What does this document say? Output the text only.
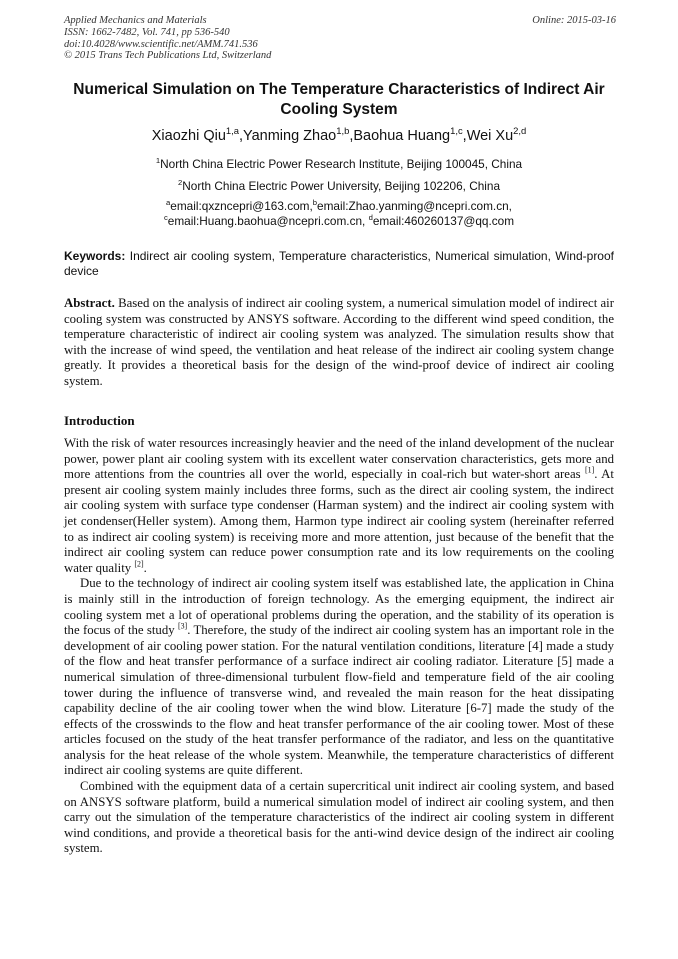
Applied Mechanics and Materials
ISSN: 1662-7482, Vol. 741, pp 536-540
doi:10.4028/www.scientific.net/AMM.741.536
© 2015 Trans Tech Publications Ltd, Switzerland
Online: 2015-03-16
Numerical Simulation on The Temperature Characteristics of Indirect Air Cooling System
Xiaozhi Qiu$^{1,a}$,Yanming Zhao$^{1,b}$,Baohua Huang$^{1,c}$,Wei Xu$^{2,d}$
$^1$North China Electric Power Research Institute, Beijing 100045, China
$^2$North China Electric Power University, Beijing 102206, China
$^a$email:qxzncepri@163.com,$^b$email:Zhao.yanming@ncepri.com.cn,
$^c$email:Huang.baohua@ncepri.com.cn, $^d$email:460260137@qq.com
Keywords: Indirect air cooling system, Temperature characteristics, Numerical simulation, Wind-proof device
Abstract. Based on the analysis of indirect air cooling system, a numerical simulation model of indirect air cooling system was constructed by ANSYS software. According to the different wind speed condition, the temperature characteristic of indirect air cooling system was analyzed. The simulation results show that with the increase of wind speed, the ventilation and heat release of the indirect air cooling system change greatly. It provides a theoretical basis for the design of the wind-proof device of indirect air cooling system.
Introduction

With the risk of water resources increasingly heavier and the need of the inland development of the nuclear power, power plant air cooling system with its excellent water conservation characteristics, gets more and more attentions from the countries all over the world, especially in coal-rich but water-short areas [1]. At present air cooling system mainly includes three forms, such as the direct air cooling system, the indirect air cooling system with surface type condenser (Harman system) and the indirect air cooling system with jet condenser(Heller system). Among them, Harmon type indirect air cooling system (hereinafter referred to as indirect air cooling system) is receiving more and more attention, just because of the benefit that the indirect air cooling system can reduce power consumption rate and its low requirements on the cooling water quality [2].

Due to the technology of indirect air cooling system itself was established late, the application in China is mainly still in the introduction of foreign technology. As the emerging equipment, the indirect air cooling system met a lot of operational problems during the operation, and the stability of its operation is the focus of the study [3]. Therefore, the study of the indirect air cooling system has an important role in the development of air cooling power station. For the natural ventilation conditions, literature [4] made a study of the flow and heat transfer performance of a surface indirect air cooling radiator. Literature [5] made a numerical simulation of three-dimensional turbulent flow-field and temperature field of the air cooling tower during the influence of transverse wind, and revealed the main reason for the heat dissipating capability decline of the air cooling tower when the wind blow. Literature [6-7] made the study of the effects of the crosswinds to the flow and heat transfer performance of the air cooling tower. Most of these articles focused on the study of the heat transfer performance of the radiator, and less on the quantitative analysis for the heat release of the whole system. Meanwhile, the temperature characteristics of different indirect air cooling systems are quite different.

Combined with the equipment data of a certain supercritical unit indirect air cooling system, and based on ANSYS software platform, build a numerical simulation model of indirect air cooling system, and then carry out the simulation of the temperature characteristics of the indirect air cooling system in different wind conditions, and provide a theoretical basis for the anti-wind device design of the indirect air cooling system.
